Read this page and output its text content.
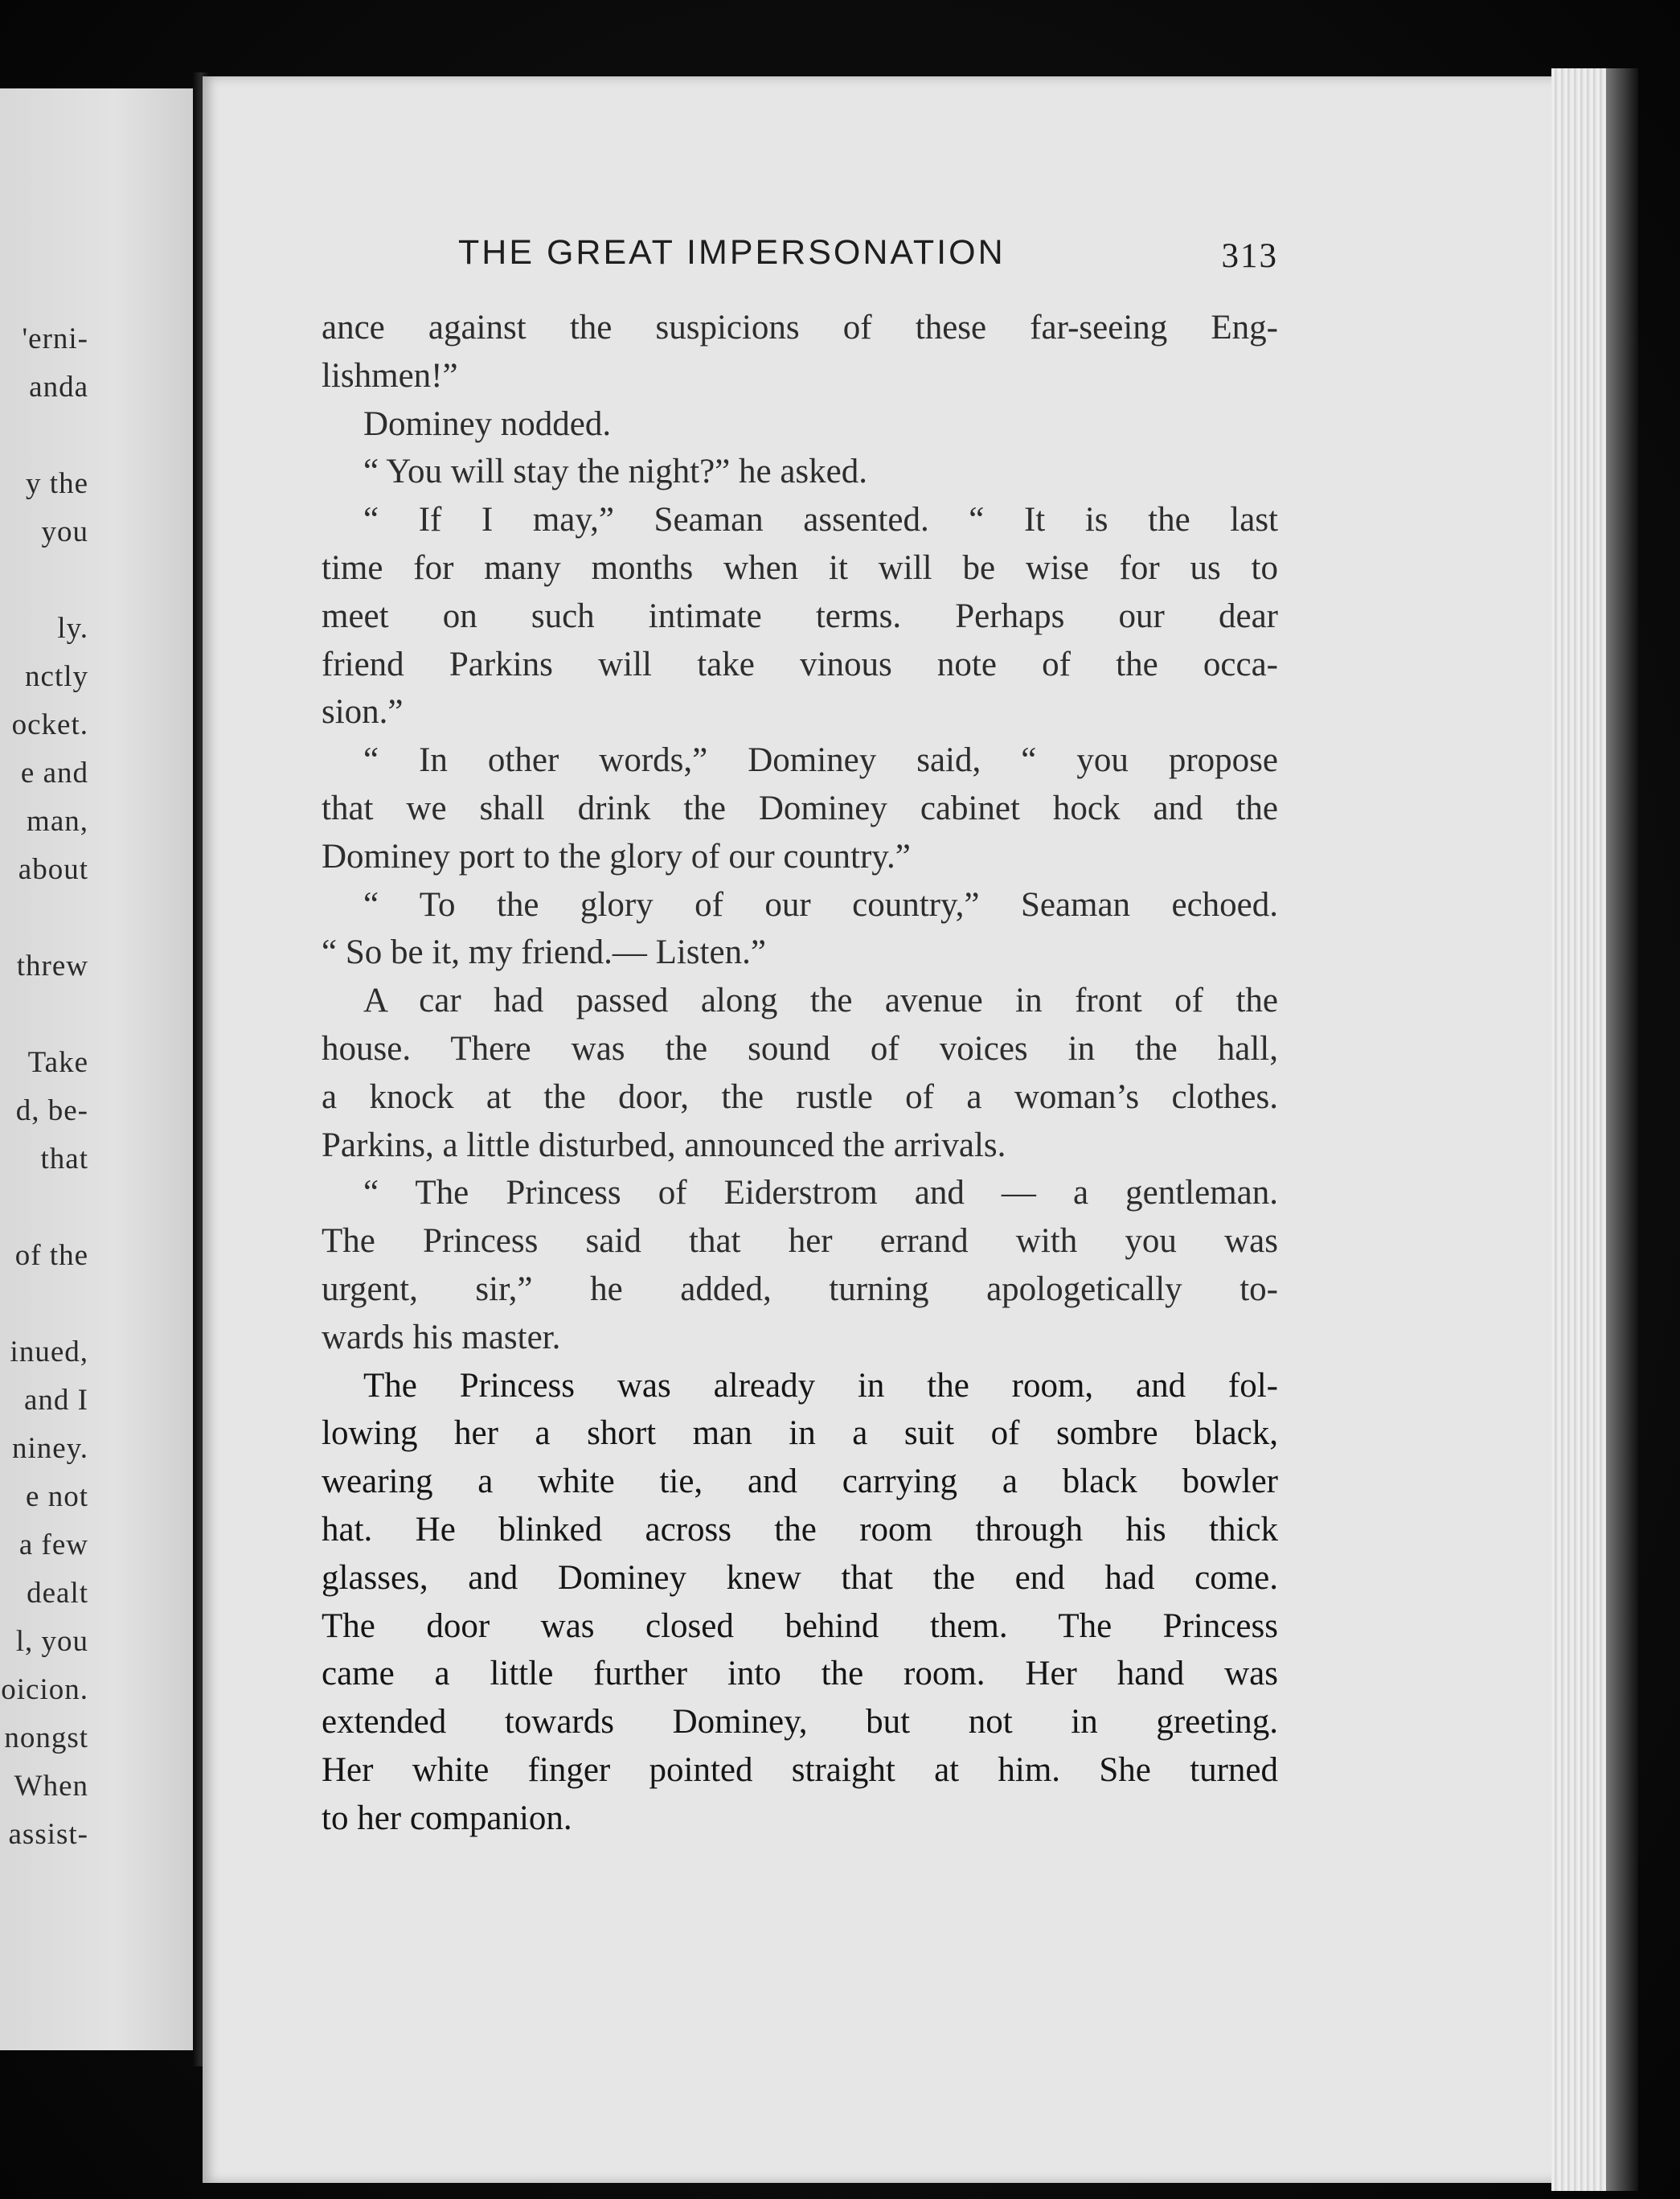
'erni-
anda
y the
you
ly.
nctly
ocket.
e and
man,
about
threw
Take
d, be-
that
of the
inued,
and I
niney.
e not
a few
dealt
l, you
oicion.
nongst
When
assist-
THE GREAT IMPERSONATION	313
ance against the suspicions of these far-seeing Eng-
lishmen!”
Dominey nodded.
“ You will stay the night?” he asked.
“ If I may,” Seaman assented. “ It is the last
time for many months when it will be wise for us to
meet on such intimate terms. Perhaps our dear
friend Parkins will take vinous note of the occa-
sion.”
“ In other words,” Dominey said, “ you propose
that we shall drink the Dominey cabinet hock and the
Dominey port to the glory of our country.”
“ To the glory of our country,” Seaman echoed.
“ So be it, my friend.— Listen.”
A car had passed along the avenue in front of the
house. There was the sound of voices in the hall,
a knock at the door, the rustle of a woman’s clothes.
Parkins, a little disturbed, announced the arrivals.
“ The Princess of Eiderstrom and — a gentleman.
The Princess said that her errand with you was
urgent, sir,” he added, turning apologetically to-
wards his master.
The Princess was already in the room, and fol-
lowing her a short man in a suit of sombre black,
wearing a white tie, and carrying a black bowler
hat. He blinked across the room through his thick
glasses, and Dominey knew that the end had come.
The door was closed behind them. The Princess
came a little further into the room. Her hand was
extended towards Dominey, but not in greeting.
Her white finger pointed straight at him. She turned
to her companion.
